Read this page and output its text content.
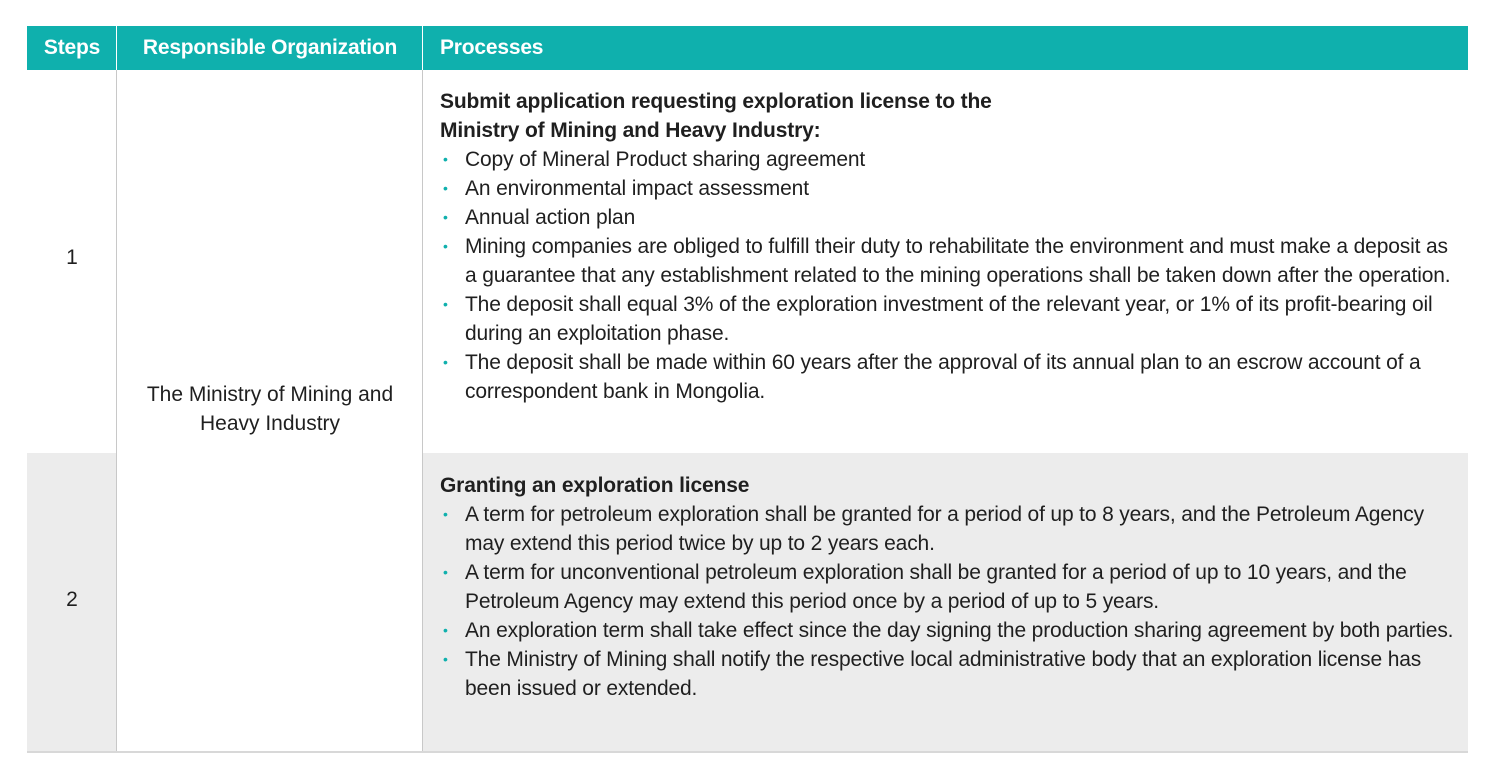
Steps	Responsible Organization	Processes
1
2
The Ministry of Mining and Heavy Industry
Submit application requesting exploration license to the
Ministry of Mining and Heavy Industry:
• Copy of Mineral Product sharing agreement
• An environmental impact assessment
• Annual action plan
• Mining companies are obliged to fulfill their duty to rehabilitate the environment and must make a deposit as a guarantee that any establishment related to the mining operations shall be taken down after the operation.
• The deposit shall equal 3% of the exploration investment of the relevant year, or 1% of its profit-bearing oil during an exploitation phase.
• The deposit shall be made within 60 years after the approval of its annual plan to an escrow account of a correspondent bank in Mongolia.
Granting an exploration license
• A term for petroleum exploration shall be granted for a period of up to 8 years, and the Petroleum Agency may extend this period twice by up to 2 years each.
• A term for unconventional petroleum exploration shall be granted for a period of up to 10 years, and the Petroleum Agency may extend this period once by a period of up to 5 years.
• An exploration term shall take effect since the day signing the production sharing agreement by both parties.
• The Ministry of Mining shall notify the respective local administrative body that an exploration license has been issued or extended.
